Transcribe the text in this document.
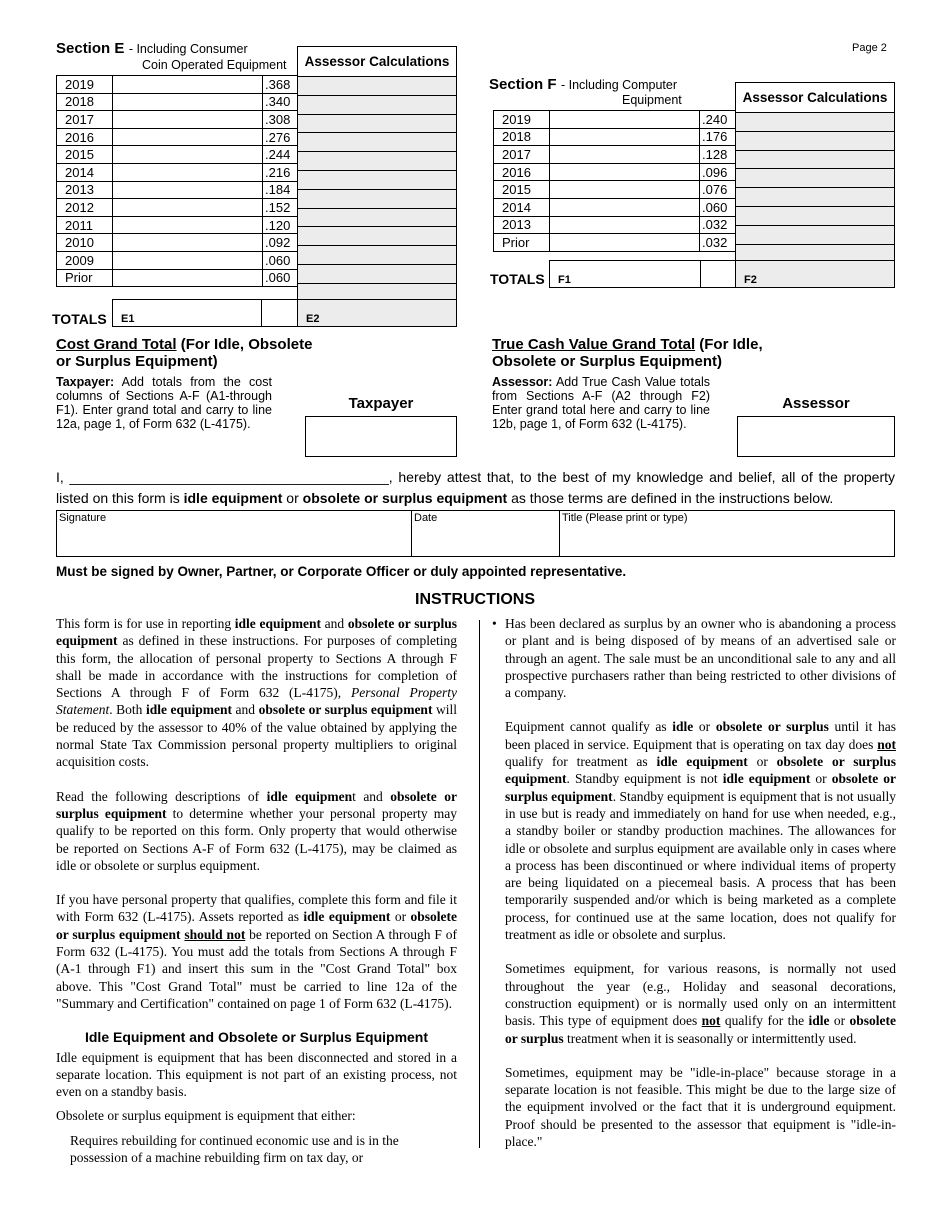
Page 2
Section E - Including Consumer
Coin Operated Equipment
2019		.368
2018		.340
2017		.308
2016		.276
2015		.244
2014		.216
2013		.184
2012		.152
2011		.120
2010		.092
2009		.060
Prior		.060
Assessor Calculations
TOTALS	E1	E2
Section F - Including Computer
Equipment
2019		.240
2018		.176
2017		.128
2016		.096
2015		.076
2014		.060
2013		.032
Prior		.032
Assessor Calculations
TOTALS	F1	F2
Cost Grand Total (For Idle, Obsolete
or Surplus Equipment)
Taxpayer: Add totals from the cost columns of Sections A-F (A1-through F1). Enter grand total and carry to line 12a, page 1, of Form 632 (L-4175).
Taxpayer
True Cash Value Grand Total (For Idle,
Obsolete or Surplus Equipment)
Assessor: Add True Cash Value totals from Sections A-F (A2 through F2) Enter grand total here and carry to line 12b, page 1, of Form 632 (L-4175).
Assessor
I, _________________________________________, hereby attest that, to the best of my knowledge and belief, all of the property
listed on this form is idle equipment or obsolete or surplus equipment as those terms are defined in the instructions below.
Signature	Date	Title (Please print or type)
Must be signed by Owner, Partner, or Corporate Officer or duly appointed representative.
INSTRUCTIONS

This form is for use in reporting idle equipment and obsolete or surplus equipment as defined in these instructions. For purposes of completing this form, the allocation of personal property to Sections A through F shall be made in accordance with the instructions for completion of Sections A through F of Form 632 (L-4175), Personal Property Statement. Both idle equipment and obsolete or surplus equipment will be reduced by the assessor to 40% of the value obtained by applying the normal State Tax Commission personal property multipliers to original acquisition costs.

Read the following descriptions of idle equipment and obsolete or surplus equipment to determine whether your personal property may qualify to be reported on this form. Only property that would otherwise be reported on Sections A-F of Form 632 (L-4175), may be claimed as idle or obsolete or surplus equipment.

If you have personal property that qualifies, complete this form and file it with Form 632 (L-4175). Assets reported as idle equipment or obsolete or surplus equipment should not be reported on Section A through F of Form 632 (L-4175). You must add the totals from Sections A through F (A-1 through F1) and insert this sum in the "Cost Grand Total" box above. This "Cost Grand Total" must be carried to line 12a of the "Summary and Certification" contained on page 1 of Form 632 (L-4175).

Idle Equipment and Obsolete or Surplus Equipment

Idle equipment is equipment that has been disconnected and stored in a separate location. This equipment is not part of an existing process, not even on a standby basis.

Obsolete or surplus equipment is equipment that either:

Requires rebuilding for continued economic use and is in the possession of a machine rebuilding firm on tax day, or

• Has been declared as surplus by an owner who is abandoning a process or plant and is being disposed of by means of an advertised sale or through an agent. The sale must be an unconditional sale to any and all prospective purchasers rather than being restricted to other divisions of a company.

Equipment cannot qualify as idle or obsolete or surplus until it has been placed in service. Equipment that is operating on tax day does not qualify for treatment as idle equipment or obsolete or surplus equipment. Standby equipment is not idle equipment or obsolete or surplus equipment. Standby equipment is equipment that is not usually in use but is ready and immediately on hand for use when needed, e.g., a standby boiler or standby production machines. The allowances for idle or obsolete and surplus equipment are available only in cases where a process has been discontinued or where individual items of property are being liquidated on a piecemeal basis. A process that has been temporarily suspended and/or which is being marketed as a complete process, for continued use at the same location, does not qualify for treatment as idle or obsolete and surplus.

Sometimes equipment, for various reasons, is normally not used throughout the year (e.g., Holiday and seasonal decorations, construction equipment) or is normally used only on an intermittent basis. This type of equipment does not qualify for the idle or obsolete or surplus treatment when it is seasonally or intermittently used.

Sometimes, equipment may be "idle-in-place" because storage in a separate location is not feasible. This might be due to the large size of the equipment involved or the fact that it is underground equipment. Proof should be presented to the assessor that equipment is "idle-in-place."
